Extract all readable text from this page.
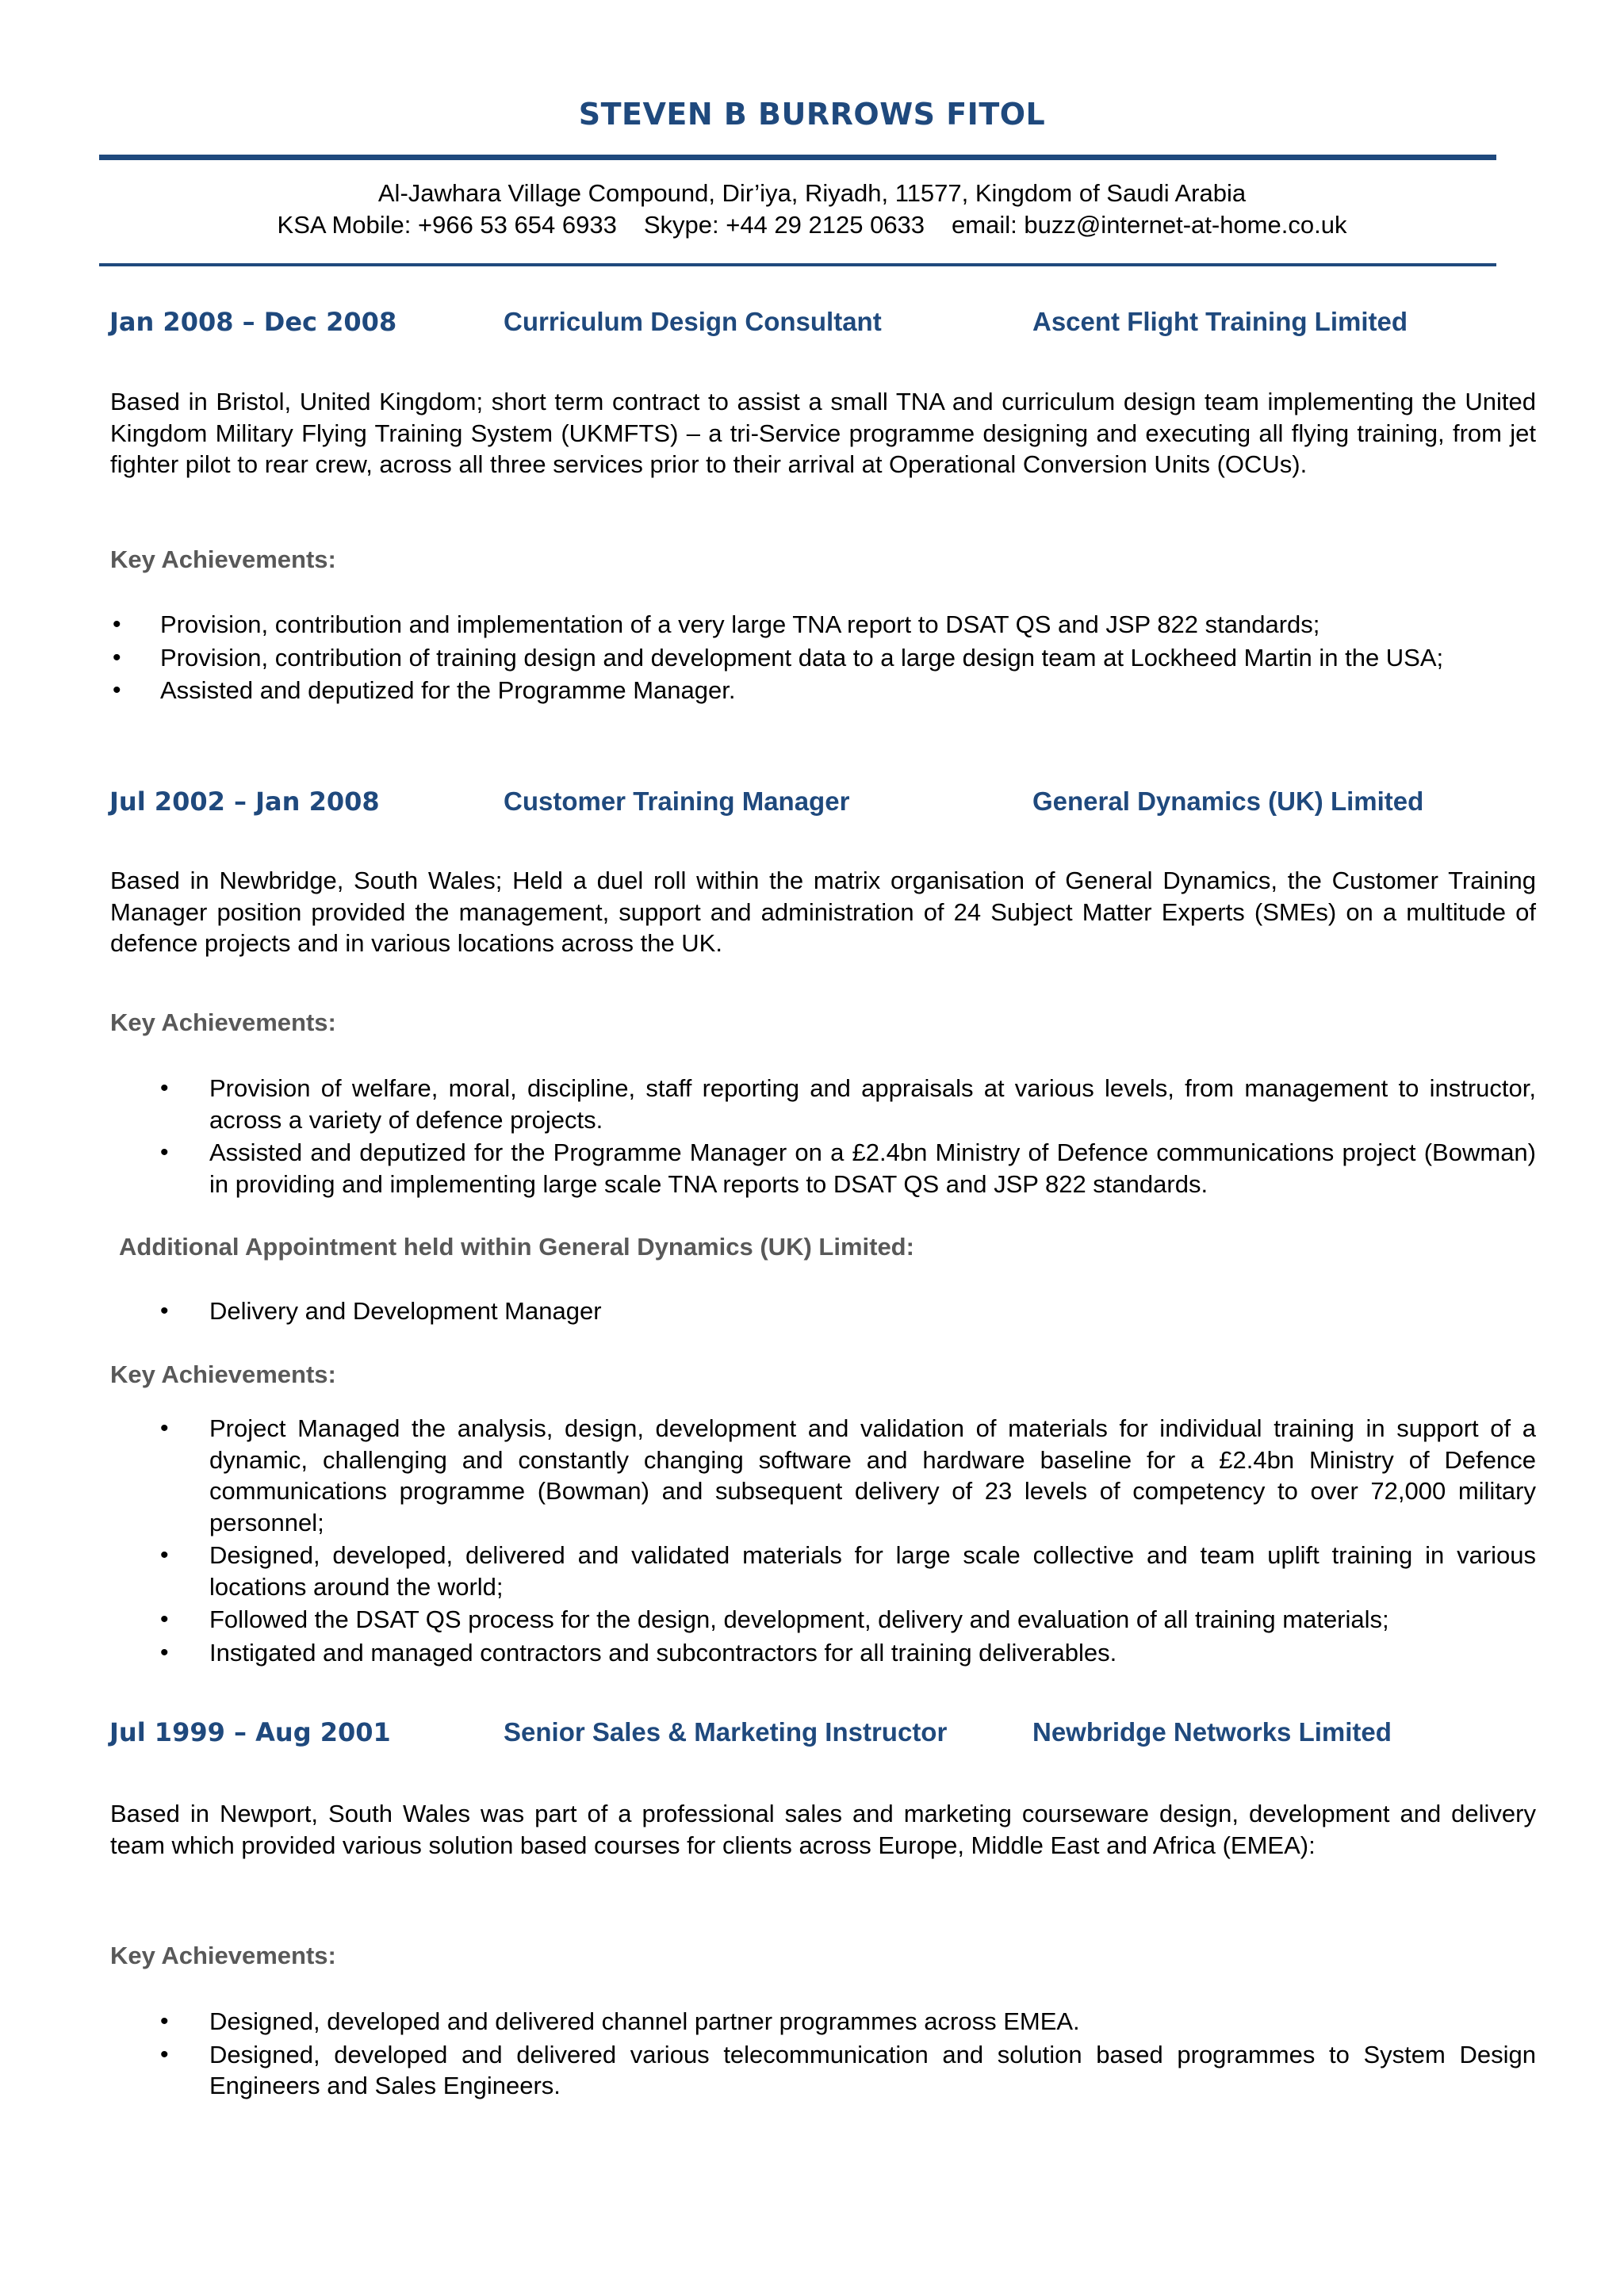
STEVEN B BURROWS FITOL
Al-Jawhara Village Compound, Dir’iya, Riyadh, 11577, Kingdom of Saudi Arabia
KSA Mobile: +966 53 654 6933 Skype: +44 29 2125 0633 email: buzz@internet-at-home.co.uk
Jan 2008 – Dec 2008	Curriculum Design Consultant	Ascent Flight Training Limited
Based in Bristol, United Kingdom; short term contract to assist a small TNA and curriculum design team implementing the United Kingdom Military Flying Training System (UKMFTS) – a tri-Service programme designing and executing all flying training, from jet fighter pilot to rear crew, across all three services prior to their arrival at Operational Conversion Units (OCUs).
Key Achievements:
• Provision, contribution and implementation of a very large TNA report to DSAT QS and JSP 822 standards;
• Provision, contribution of training design and development data to a large design team at Lockheed Martin in the USA;
• Assisted and deputized for the Programme Manager.
Jul 2002 – Jan 2008	Customer Training Manager	General Dynamics (UK) Limited
Based in Newbridge, South Wales; Held a duel roll within the matrix organisation of General Dynamics, the Customer Training Manager position provided the management, support and administration of 24 Subject Matter Experts (SMEs) on a multitude of defence projects and in various locations across the UK.
Key Achievements:
• Provision of welfare, moral, discipline, staff reporting and appraisals at various levels, from management to instructor, across a variety of defence projects.
• Assisted and deputized for the Programme Manager on a £2.4bn Ministry of Defence communications project (Bowman) in providing and implementing large scale TNA reports to DSAT QS and JSP 822 standards.
Additional Appointment held within General Dynamics (UK) Limited:
• Delivery and Development Manager
Key Achievements:
• Project Managed the analysis, design, development and validation of materials for individual training in support of a dynamic, challenging and constantly changing software and hardware baseline for a £2.4bn Ministry of Defence communications programme (Bowman) and subsequent delivery of 23 levels of competency to over 72,000 military personnel;
• Designed, developed, delivered and validated materials for large scale collective and team uplift training in various locations around the world;
• Followed the DSAT QS process for the design, development, delivery and evaluation of all training materials;
• Instigated and managed contractors and subcontractors for all training deliverables.
Jul 1999 – Aug 2001	Senior Sales & Marketing Instructor	Newbridge Networks Limited
Based in Newport, South Wales was part of a professional sales and marketing courseware design, development and delivery team which provided various solution based courses for clients across Europe, Middle East and Africa (EMEA):
Key Achievements:
• Designed, developed and delivered channel partner programmes across EMEA.
• Designed, developed and delivered various telecommunication and solution based programmes to System Design Engineers and Sales Engineers.
